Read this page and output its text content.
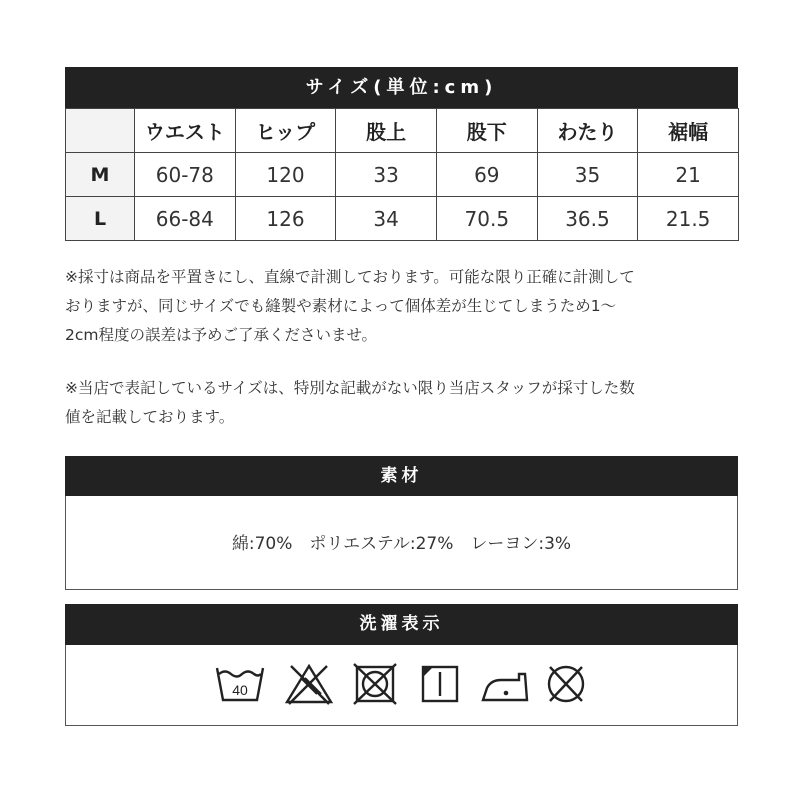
サイズ(単位:cm)
	ウエスト	ヒップ	股上	股下	わたり	裾幅
M	60-78	120	33	69	35	21
L	66-84	126	34	70.5	36.5	21.5
※採寸は商品を平置きにし、直線で計測しております。可能な限り正確に計測して
おりますが、同じサイズでも縫製や素材によって個体差が生じてしまうため1〜
2cm程度の誤差は予めご了承くださいませ。
※当店で表記しているサイズは、特別な記載がない限り当店スタッフが採寸した数
値を記載しております。
素材
綿:70%　ポリエステル:27%　レーヨン:3%
洗濯表示
40
